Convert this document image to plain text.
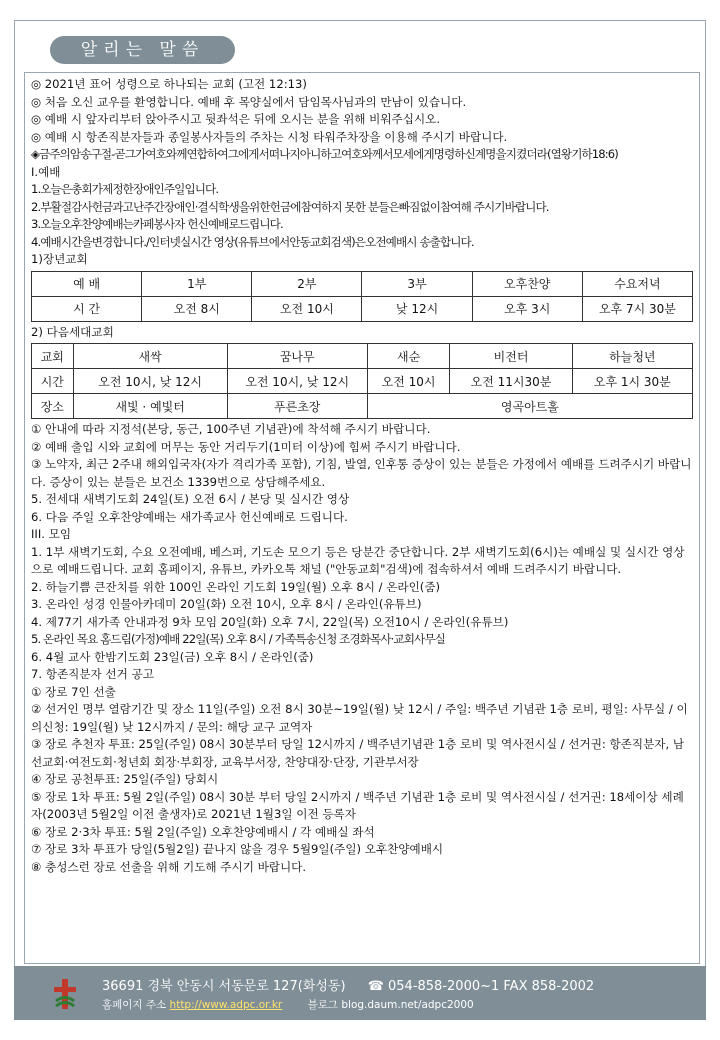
알리는 말씀
◎ 2021년 표어 성령으로 하나되는 교회 (고전 12:13)
◎ 처음 오신 교우를 환영합니다. 예배 후 목양실에서 담임목사님과의 만남이 있습니다.
◎ 예배 시 앞자리부터 앉아주시고 뒷좌석은 뒤에 오시는 분을 위해 비워주십시오.
◎ 예배 시 항존직분자들과 종일봉사자들의 주차는 시청 타워주차장을 이용해 주시기 바랍니다.
◈금주의암송구절-곧그가여호와께연합하여그에게서떠나지아니하고여호와께서모세에게명령하신계명을지켰더라(열왕기하18:6)
I.예배
1.오늘은총회가제정한장애인주일입니다.
2.부활절감사헌금과고난주간장애인·결식학생을위한헌금에참여하지 못한 분들은빠짐없이참여해 주시기바랍니다.
3.오늘오후찬양예배는카페봉사자 헌신예배로드립니다.
4.예배시간을변경합니다./인터넷실시간 영상(유튜브에서안동교회검색)은오전예배시 송출합니다.
1)장년교회
예 배	1부	2부	3부	오후찬양	수요저녁
시 간	오전 8시	오전 10시	낮 12시	오후 3시	오후 7시 30분
2) 다음세대교회
교회	새싹	꿈나무	새순	비전터	하늘청년
시간	오전 10시, 낮 12시	오전 10시, 낮 12시	오전 10시	오전 11시30분	오후 1시 30분
장소	새빛 · 예빛터	푸른초장	영곡아트홀		
① 안내에 따라 지정석(본당, 동근, 100주년 기념관)에 착석해 주시기 바랍니다.
② 예배 출입 시와 교회에 머무는 동안 거리두기(1미터 이상)에 힘써 주시기 바랍니다.
③ 노약자, 최근 2주내 해외입국자(자가 격리가족 포함), 기침, 발열, 인후통 증상이 있는 분들은 가정에서 예배를 드려주시기 바랍니다. 증상이 있는 분들은 보건소 1339번으로 상담해주세요.
5. 전세대 새벽기도회 24일(토) 오전 6시 / 본당 및 실시간 영상
6. 다음 주일 오후찬양예배는 새가족교사 헌신예배로 드립니다.
III. 모임
1. 1부 새벽기도회, 수요 오전예배, 베스퍼, 기도손 모으기 등은 당분간 중단합니다. 2부 새벽기도회(6시)는 예배실 및 실시간 영상으로 예배드립니다. 교회 홈페이지, 유튜브, 카카오톡 채널 ("안동교회"검색)에 접속하셔서 예배 드려주시기 바랍니다.
2. 하늘기쁨 큰잔치를 위한 100인 온라인 기도회 19일(월) 오후 8시 / 온라인(줌)
3. 온라인 성경 인물아카데미 20일(화) 오전 10시, 오후 8시 / 온라인(유튜브)
4. 제77기 새가족 안내과정 9차 모임 20일(화) 오후 7시, 22일(목) 오전10시 / 온라인(유튜브)
5. 온라인 목요 홈드림(가정)예배 22일(목) 오후 8시 / 가족특송신청 조경화목사·교회사무실
6. 4월 교사 한밤기도회 23일(금) 오후 8시 / 온라인(줌)
7. 항존직분자 선거 공고
① 장로 7인 선출
② 선거인 명부 열람기간 및 장소 11일(주일) 오전 8시 30분~19일(월) 낮 12시 / 주일: 백주년 기념관 1층 로비, 평일: 사무실 / 이의신청: 19일(월) 낮 12시까지 / 문의: 해당 교구 교역자
③ 장로 추천자 투표: 25일(주일) 08시 30분부터 당일 12시까지 / 백주년기념관 1층 로비 및 역사전시실 / 선거권: 항존직분자, 남선교회·여전도회·청년회 회장·부회장, 교육부서장, 찬양대장·단장, 기관부서장
④ 장로 공천투표: 25일(주일) 당회시
⑤ 장로 1차 투표: 5월 2일(주일) 08시 30분 부터 당일 2시까지 / 백주년 기념관 1층 로비 및 역사전시실 / 선거권: 18세이상 세례자(2003년 5월2일 이전 출생자)로 2021년 1월3일 이전 등록자
⑥ 장로 2·3차 투표: 5월 2일(주일) 오후찬양예배시 / 각 예배실 좌석
⑦ 장로 3차 투표가 당일(5월2일) 끝나지 않을 경우 5월9일(주일) 오후찬양예배시
⑧ 충성스런 장로 선출을 위해 기도해 주시기 바랍니다.
36691 경북 안동시 서동문로 127(화성동) ☎ 054-858-2000~1 FAX 858-2002
홈페이지 주소 http://www.adpc.or.kr 블로그 blog.daum.net/adpc2000
